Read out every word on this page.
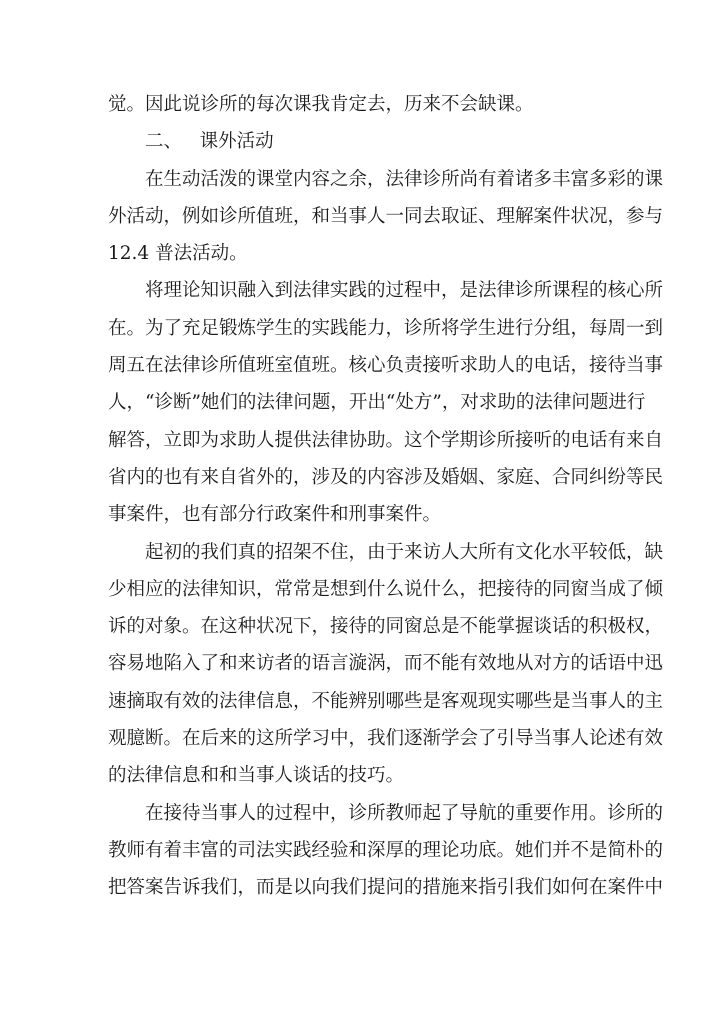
觉。因此说诊所的每次课我肯定去，历来不会缺课。
二、 课外活动
在生动活泼的课堂内容之余，法律诊所尚有着诸多丰富多彩的课
外活动，例如诊所值班，和当事人一同去取证、理解案件状况，参与
12.4 普法活动。
将理论知识融入到法律实践的过程中，是法律诊所课程的核心所
在。为了充足锻炼学生的实践能力，诊所将学生进行分组，每周一到
周五在法律诊所值班室值班。核心负责接听求助人的电话，接待当事
人，“诊断”她们的法律问题，开出“处方”，对求助的法律问题进行
解答，立即为求助人提供法律协助。这个学期诊所接听的电话有来自
省内的也有来自省外的，涉及的内容涉及婚姻、家庭、合同纠纷等民
事案件，也有部分行政案件和刑事案件。
起初的我们真的招架不住，由于来访人大所有文化水平较低，缺
少相应的法律知识，常常是想到什么说什么，把接待的同窗当成了倾
诉的对象。在这种状况下，接待的同窗总是不能掌握谈话的积极权，
容易地陷入了和来访者的语言漩涡，而不能有效地从对方的话语中迅
速摘取有效的法律信息，不能辨别哪些是客观现实哪些是当事人的主
观臆断。在后来的这所学习中，我们逐渐学会了引导当事人论述有效
的法律信息和和当事人谈话的技巧。
在接待当事人的过程中，诊所教师起了导航的重要作用。诊所的
教师有着丰富的司法实践经验和深厚的理论功底。她们并不是简朴的
把答案告诉我们，而是以向我们提问的措施来指引我们如何在案件中
